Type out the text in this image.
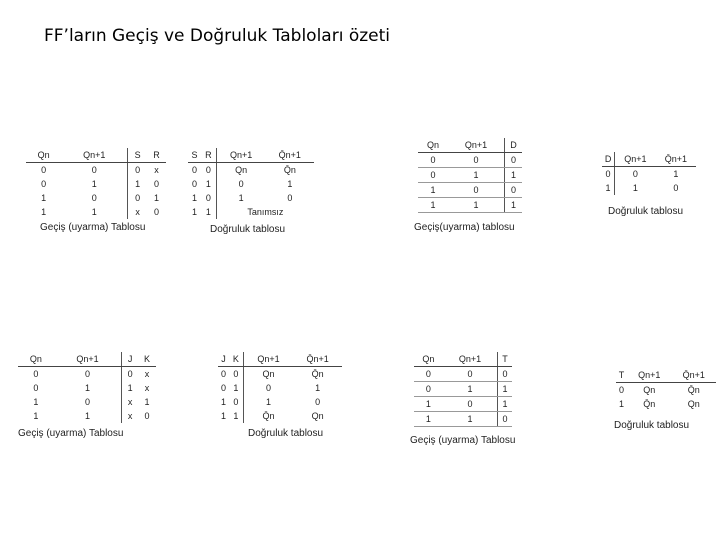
FF’ların Geçiş ve Doğruluk Tabloları özeti
Qn	Qn+1	S	R
0	0	0	x
0	1	1	0
1	0	0	1
1	1	x	0
Geçiş (uyarma) Tablosu
S	R	Qn+1	Q̄n+1
0	0	Qn	Q̄n
0	1	0	1
1	0	1	0
1	1	Tanımsız	
Doğruluk tablosu
Qn	Qn+1	D
0	0	0
0	1	1
1	0	0
1	1	1
Geçiş(uyarma) tablosu
D	Qn+1	Q̄n+1
0	0	1
1	1	0
Doğruluk tablosu
Qn	Qn+1	J	K
0	0	0	x
0	1	1	x
1	0	x	1
1	1	x	0
Geçiş (uyarma) Tablosu
J	K	Qn+1	Q̄n+1
0	0	Qn	Q̄n
0	1	0	1
1	0	1	0
1	1	Q̄n	Qn
Doğruluk tablosu
Qn	Qn+1	T
0	0	0
0	1	1
1	0	1
1	1	0
Geçiş (uyarma) Tablosu
T	Qn+1	Q̄n+1
0	Qn	Q̄n
1	Q̄n	Qn
Doğruluk tablosu
